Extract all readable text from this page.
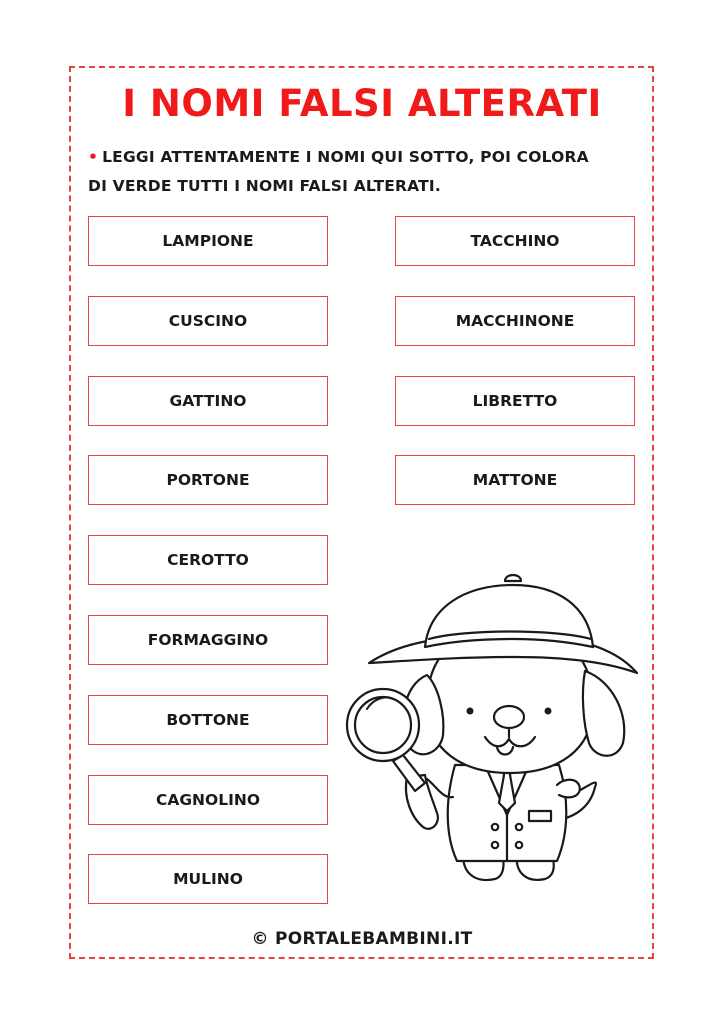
I NOMI FALSI ALTERATI
• LEGGI ATTENTAMENTE I NOMI QUI SOTTO, POI COLORA
DI VERDE TUTTI I NOMI FALSI ALTERATI.
LAMPIONE
CUSCINO
GATTINO
PORTONE
CEROTTO
FORMAGGINO
BOTTONE
CAGNOLINO
MULINO
TACCHINO
MACCHINONE
LIBRETTO
MATTONE
© PORTALEBAMBINI.IT
